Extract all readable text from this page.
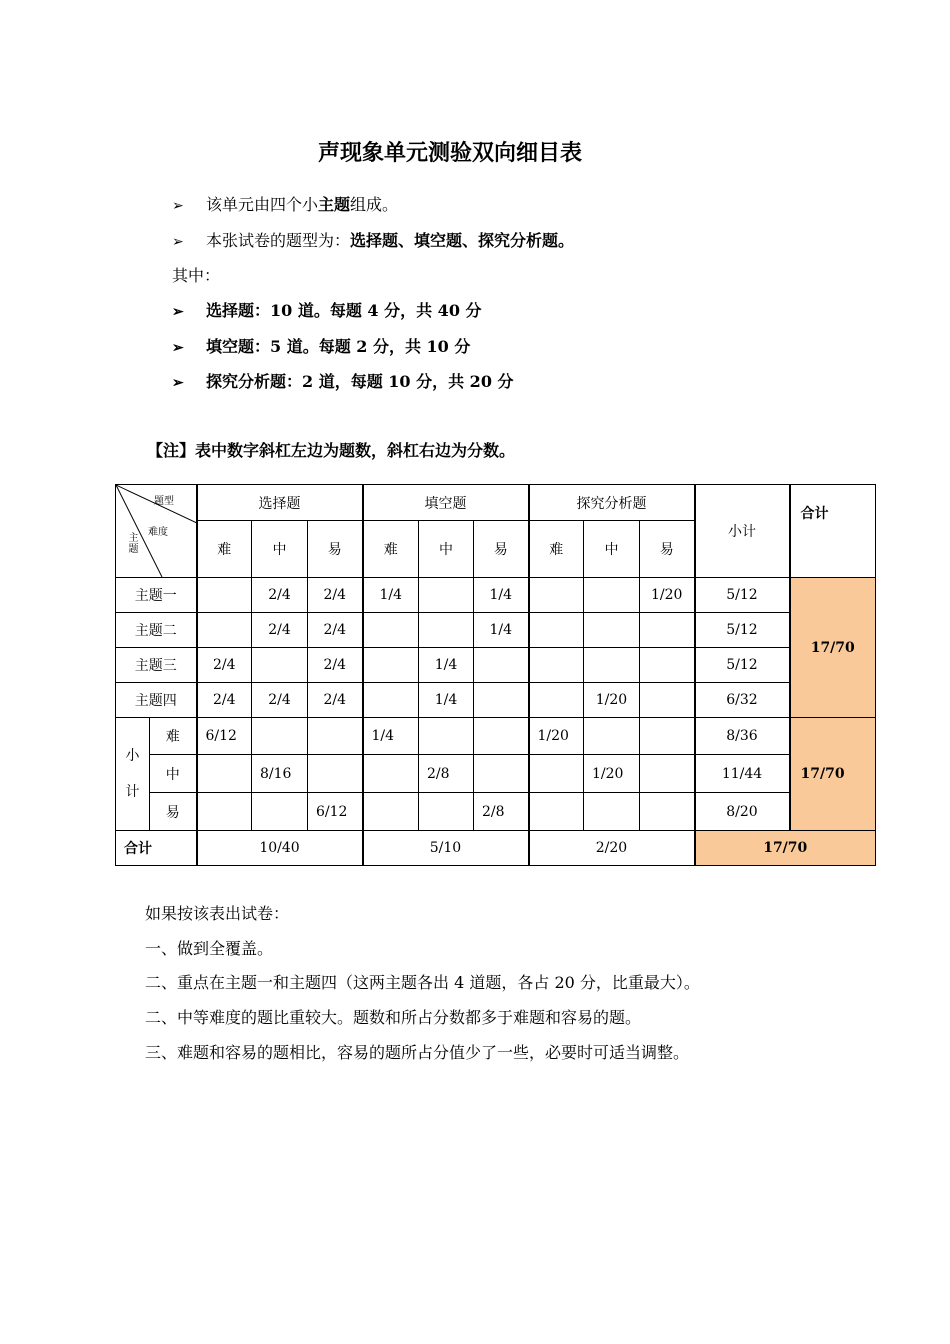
声现象单元测验双向细目表
➢ 该单元由四个小主题组成。
➢ 本张试卷的题型为：选择题、填空题、探究分析题。
其中：
➢ 选择题：10 道。每题 4 分，共 40 分
➢ 填空题：5 道。每题 2 分，共 10 分
➢ 探究分析题：2 道，每题 10 分，共 20 分
【注】表中数字斜杠左边为题数，斜杠右边为分数。
题型
难度
主题		选择题			填空题			探究分析题			小计	合计
		难	中	易	难	中	易	难	中	易		
主题一			2/4	2/4	1/4		1/4			1/20	5/12	17/70
主题二			2/4	2/4			1/4				5/12	
主题三		2/4		2/4		1/4					5/12	
主题四		2/4	2/4	2/4		1/4			1/20		6/32	
小
计	难	6/12			1/4			1/20			8/36	17/70
	中		8/16			2/8			1/20		11/44	
	易			6/12			2/8				8/20	
合计		10/40			5/10			2/20			17/70	
如果按该表出试卷：
一、做到全覆盖。
二、重点在主题一和主题四（这两主题各出 4 道题，各占 20 分，比重最大）。
二、中等难度的题比重较大。题数和所占分数都多于难题和容易的题。
三、难题和容易的题相比，容易的题所占分值少了一些，必要时可适当调整。
